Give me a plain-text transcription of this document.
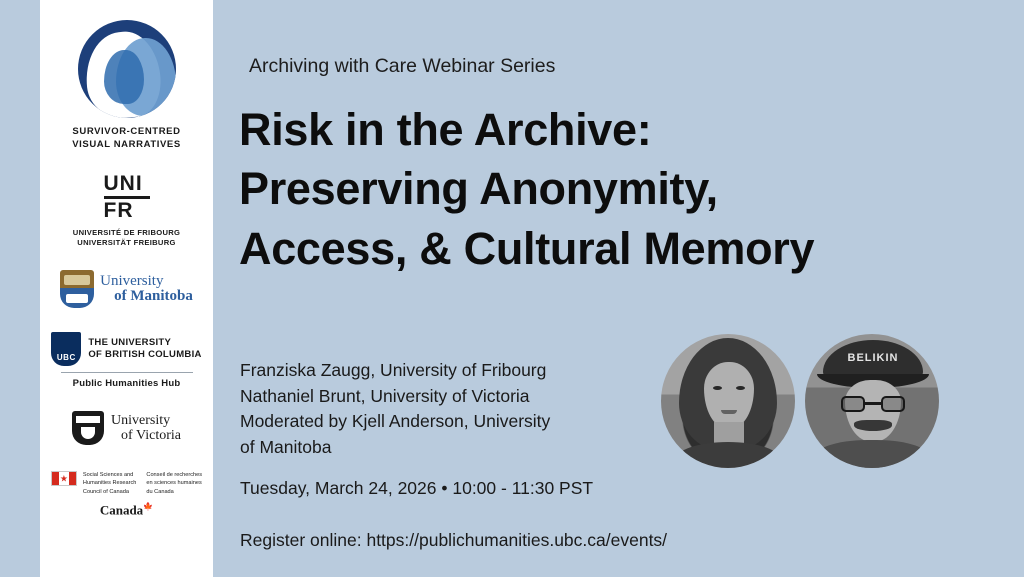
SURVIVOR-CENTRED
VISUAL NARRATIVES
UNI
FR
UNIVERSITÉ DE FRIBOURG
UNIVERSITÄT FREIBURG
University
of Manitoba
UBC
THE UNIVERSITY
OF BRITISH COLUMBIA
Public Humanities Hub
University
of Victoria
★	Social Sciences and
Humanities Research
Council of Canada
Conseil de recherches
en sciences humaines
du Canada
Canada🍁
Archiving with Care Webinar Series
Risk in the Archive:
Preserving Anonymity,
Access, & Cultural Memory
Franziska Zaugg, University of Fribourg
Nathaniel Brunt, University of Victoria
Moderated by Kjell Anderson, University
of Manitoba
Tuesday, March 24, 2026 • 10:00 - 11:30 PST
Register online: https://publichumanities.ubc.ca/events/
BELIKIN
